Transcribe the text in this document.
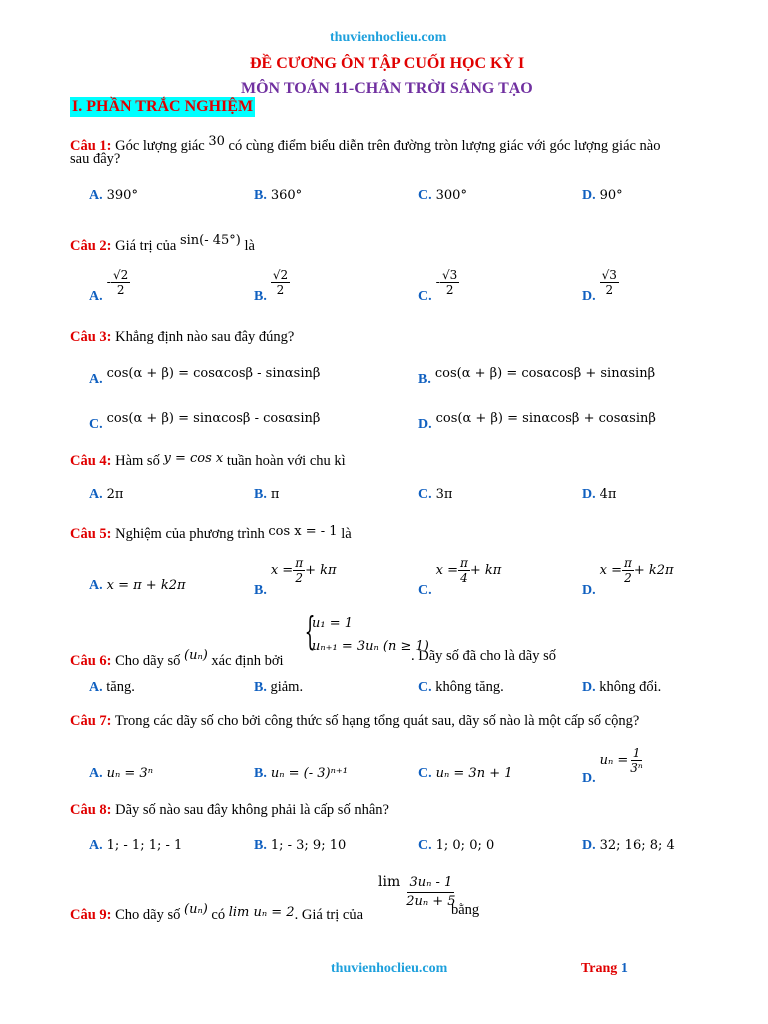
thuvienhoclieu.com
ĐỀ CƯƠNG ÔN TẬP CUỐI HỌC KỲ I
MÔN TOÁN 11-CHÂN TRỜI SÁNG TẠO
I. PHẦN TRẮC NGHIỆM
Câu 1: Góc lượng giác 30 có cùng điểm biểu diễn trên đường tròn lượng giác với góc lượng giác nào
sau đây?
A. 390°	B. 360°	C. 300°	D. 90°
Câu 2: Giá trị của sin(- 45°) là
A. - $\frac{√2}{2}$	B. $\frac{√2}{2}$	C. - $\frac{√3}{2}$	D. $\frac{√3}{2}$
Câu 3: Khẳng định nào sau đây đúng?
A. cos(α + β) = cosαcosβ - sinαsinβ	B. cos(α + β) = cosαcosβ + sinαsinβ
C. cos(α + β) = sinαcosβ - cosαsinβ	D. cos(α + β) = sinαcosβ + cosαsinβ
Câu 4: Hàm số y = cos x tuần hoàn với chu kì
A. 2π	B. π	C. 3π	D. 4π
Câu 5: Nghiệm của phương trình cos x = - 1 là
A. x = π + k2π	B. $x = \frac{\pi}{2} + k\pi$
C. $x = \frac{\pi}{4} + k\pi$
D. $x = \frac{\pi}{2} + k2\pi$
Câu 6: Cho dãy số (uₙ) xác định bởi
{
u₁ = 1
uₙ₊₁ = 3uₙ (n ≥ 1)
. Dãy số đã cho là dãy số
A. tăng.	B. giảm.	C. không tăng.	D. không đổi.
Câu 7: Trong các dãy số cho bởi công thức số hạng tổng quát sau, dãy số nào là một cấp số cộng?
A. uₙ = 3ⁿ	B. uₙ = (- 3)ⁿ⁺¹	C. uₙ = 3n + 1	D. $u_n = \frac{1}{\text{3ⁿ}}$
Câu 8: Dãy số nào sau đây không phải là cấp số nhân?
A. 1; - 1; 1; - 1	B. 1; - 3; 9; 10	C. 1; 0; 0; 0	D. 32; 16; 8; 4
Câu 9: Cho dãy số (uₙ) có lim uₙ = 2. Giá trị của
$\lim \frac{\text{3uₙ - 1}}{\text{2uₙ + 5}}$
bằng
thuvienhoclieu.com	Trang 1
